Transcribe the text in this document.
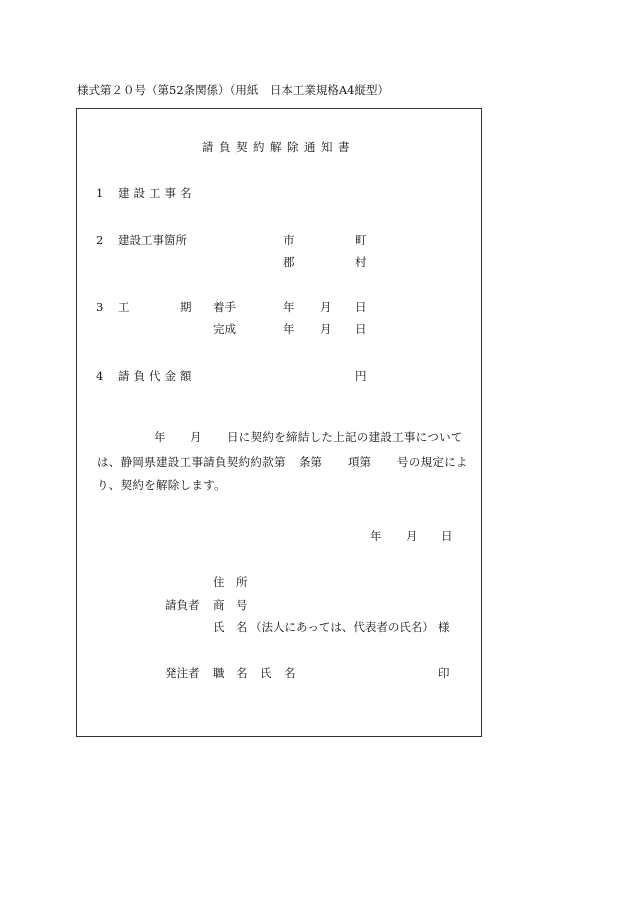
様式第２０号（第52条関係）（用紙　日本工業規格A4縦型）
請負契約解除通知書
1 建設工事名
2 建設工事箇所	市	町
郡	村
3 工	期 着手	年 月 日
完成	年 月 日
4 請負代金額	円
年 月 日に契約を締結した上記の建設工事について
は、静岡県建設工事請負契約約款第 条第 項第 号の規定によ
り、契約を解除します。
年 月 日
住　所
請負者 商　号
氏　名 （法人にあっては、代表者の氏名） 様
発注者 職 名 氏 名	印
